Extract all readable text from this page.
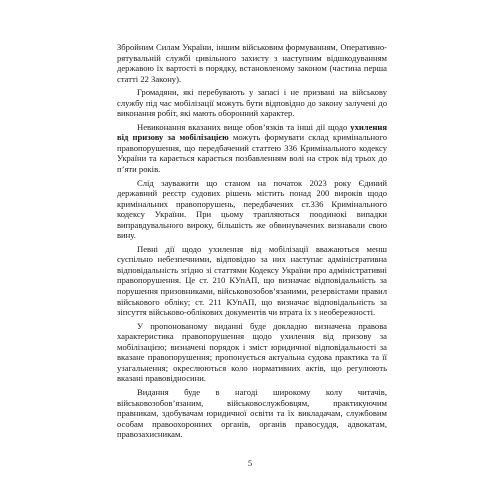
Збройним Силам України, іншим військовим формуванням, Оперативно-рятувальній службі цивільного захисту з наступним відшкодуванням державою їх вартості в порядку, встановленому законом (частина перша статті 22 Закону).

Громадяни, які перебувають у запасі і не призвані на військову службу під час мобілізації можуть бути відповідно до закону залучені до виконання робіт, які мають оборонний характер.

Невиконання вказаних вище обов’язків та інші дії щодо ухилення від призову за мобілізацією можуть формувати склад кримінального правопорушення, що передбачений статтею 336 Кримінального кодексу України та карається карається позбавленням волі на строк від трьох до п’яти років.

Слід зауважити що станом на початок 2023 року Єдиний державний реєстр судових рішень містить понад 200 вироків щодо кримінальних правопорушень, передбачених ст.336 Кримінального кодексу України. При цьому трапляються поодинокі випадки виправдувального вироку, більшість же обвинувачених визнавали свою вину.

Певні дії щодо ухилення від мобілізації вважаються менш суспільно небезпечними, відповідно за них наступає адміністративна відповідальність згідно зі статтями Кодексу України про адміністративні правопорушення. Це ст. 210 КУпАП, що визначає відповідальність за порушення призовниками, військовозобов’язаними, резервістами правил військового обліку; ст. 211 КУпАП, що визначає відповідальність за зіпсуття військово-облікових документів чи втрата їх з необережності.

У пропонованому виданні буде докладно визначена правова характеристика правопорушення щодо ухилення від призову за мобілізацією; визначені порядок і зміст юридичної відповідальності за вказане правопорушення; пропонується актуальна судова практика та її узагальнення; окреслюються коло нормативних актів, що регулюють вказані правовідносини.

Видання буде в нагоді широкому колу читачів, військовозобов’язаним, військовослужбовцям, практикуючим правникам, здобувачам юридичної освіти та їх викладачам, службовим особам правоохоронних органів, органів правосуддя, адвокатам, правозахисникам.

5
